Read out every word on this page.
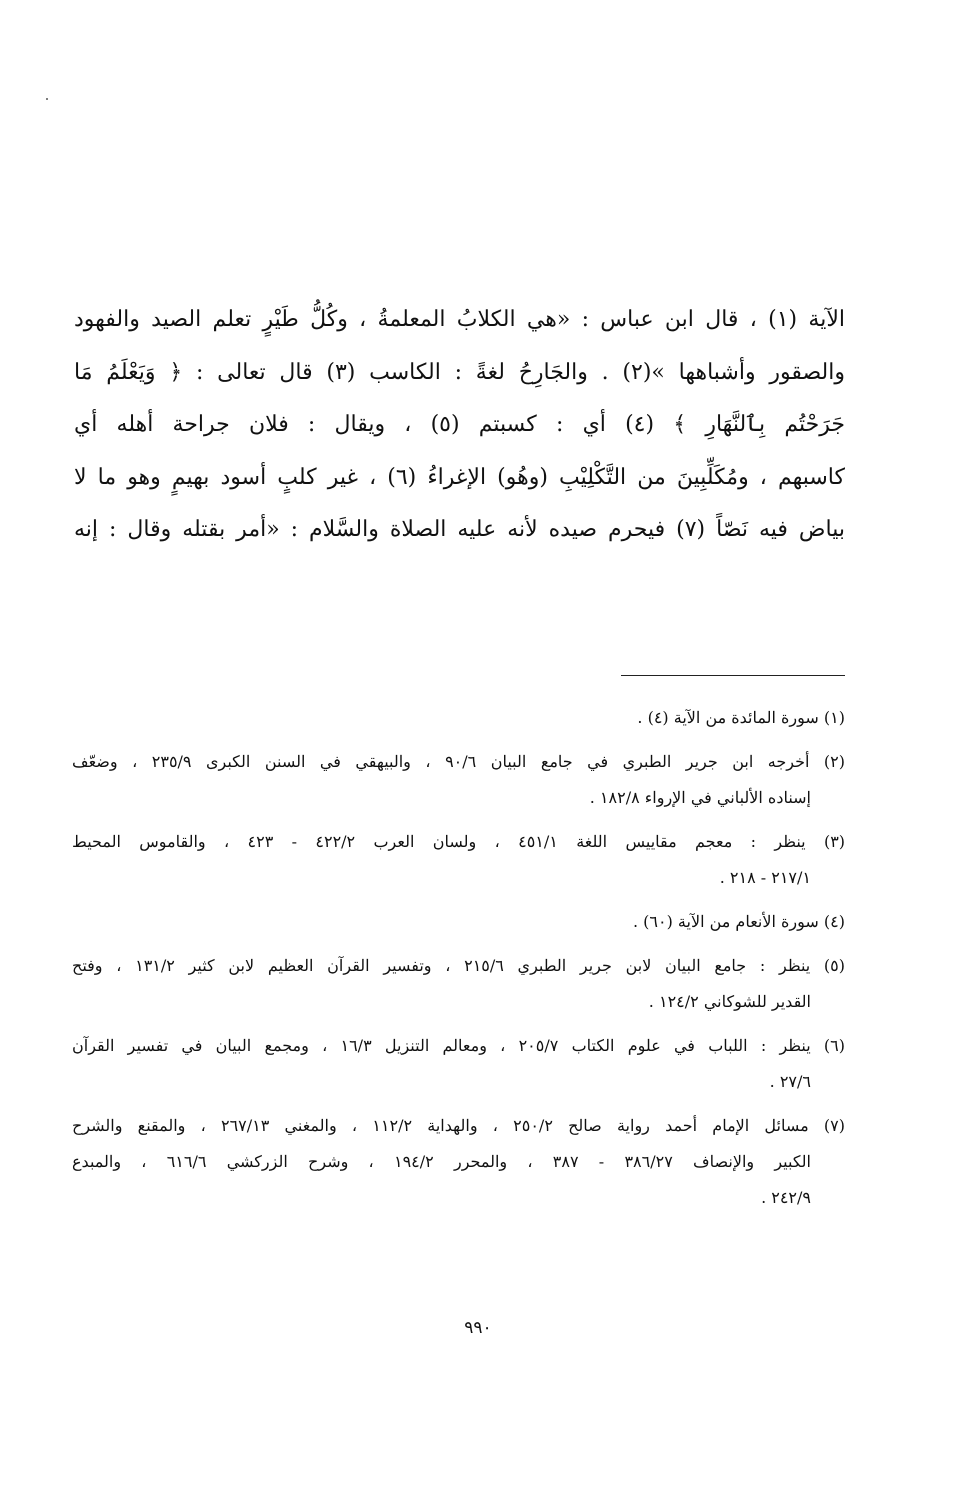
الآية (١) ، قال ابن عباس : «هي الكلابُ المعلمةُ ، وكُلُّ طَيْرٍ تعلم الصيد والفهود
والصقور وأشباهها »(٢) . والجَارِحُ لغةً : الكاسب (٣) قال تعالى : ﴿ وَيَعْلَمُ مَا
جَرَحْتُم بِٱلنَّهَارِ ﴾ (٤) أي : كسبتم (٥) ، ويقال : فلان جراحة أهله أي
كاسبهم ، ومُكَلِّبِينَ من التَّكْلِيْبِ (وهُو) الإغراءُ (٦) ، غير كلبٍ أسود بهيمٍ وهو ما لا
بياض فيه نَصّاً (٧) فيحرم صيده لأنه عليه الصلاة والسَّلام : «أمر بقتله وقال : إنه
(١) سورة المائدة من الآية (٤) .
(٢) أخرجه ابن جرير الطبري في جامع البيان ٩٠/٦ ، والبيهقي في السنن الكبرى ٢٣٥/٩ ، وضعّف
إسناده الألباني في الإرواء ١٨٢/٨ .
(٣) ينظر : معجم مقاييس اللغة ٤٥١/١ ، ولسان العرب ٤٢٢/٢ - ٤٢٣ ، والقاموس المحيط
٢١٧/١ - ٢١٨ .
(٤) سورة الأنعام من الآية (٦٠) .
(٥) ينظر : جامع البيان لابن جرير الطبري ٢١٥/٦ ، وتفسير القرآن العظيم لابن كثير ١٣١/٢ ، وفتح
القدير للشوكاني ١٢٤/٢ .
(٦) ينظر : اللباب في علوم الكتاب ٢٠٥/٧ ، ومعالم التنزيل ١٦/٣ ، ومجمع البيان في تفسير القرآن
٢٧/٦ .
(٧) مسائل الإمام أحمد رواية صالح ٢٥٠/٢ ، والهداية ١١٢/٢ ، والمغني ٢٦٧/١٣ ، والمقنع والشرح
الكبير والإنصاف ٣٨٦/٢٧ - ٣٨٧ ، والمحرر ١٩٤/٢ ، وشرح الزركشي ٦١٦/٦ ، والمبدع
٢٤٢/٩ .
٩٩٠
